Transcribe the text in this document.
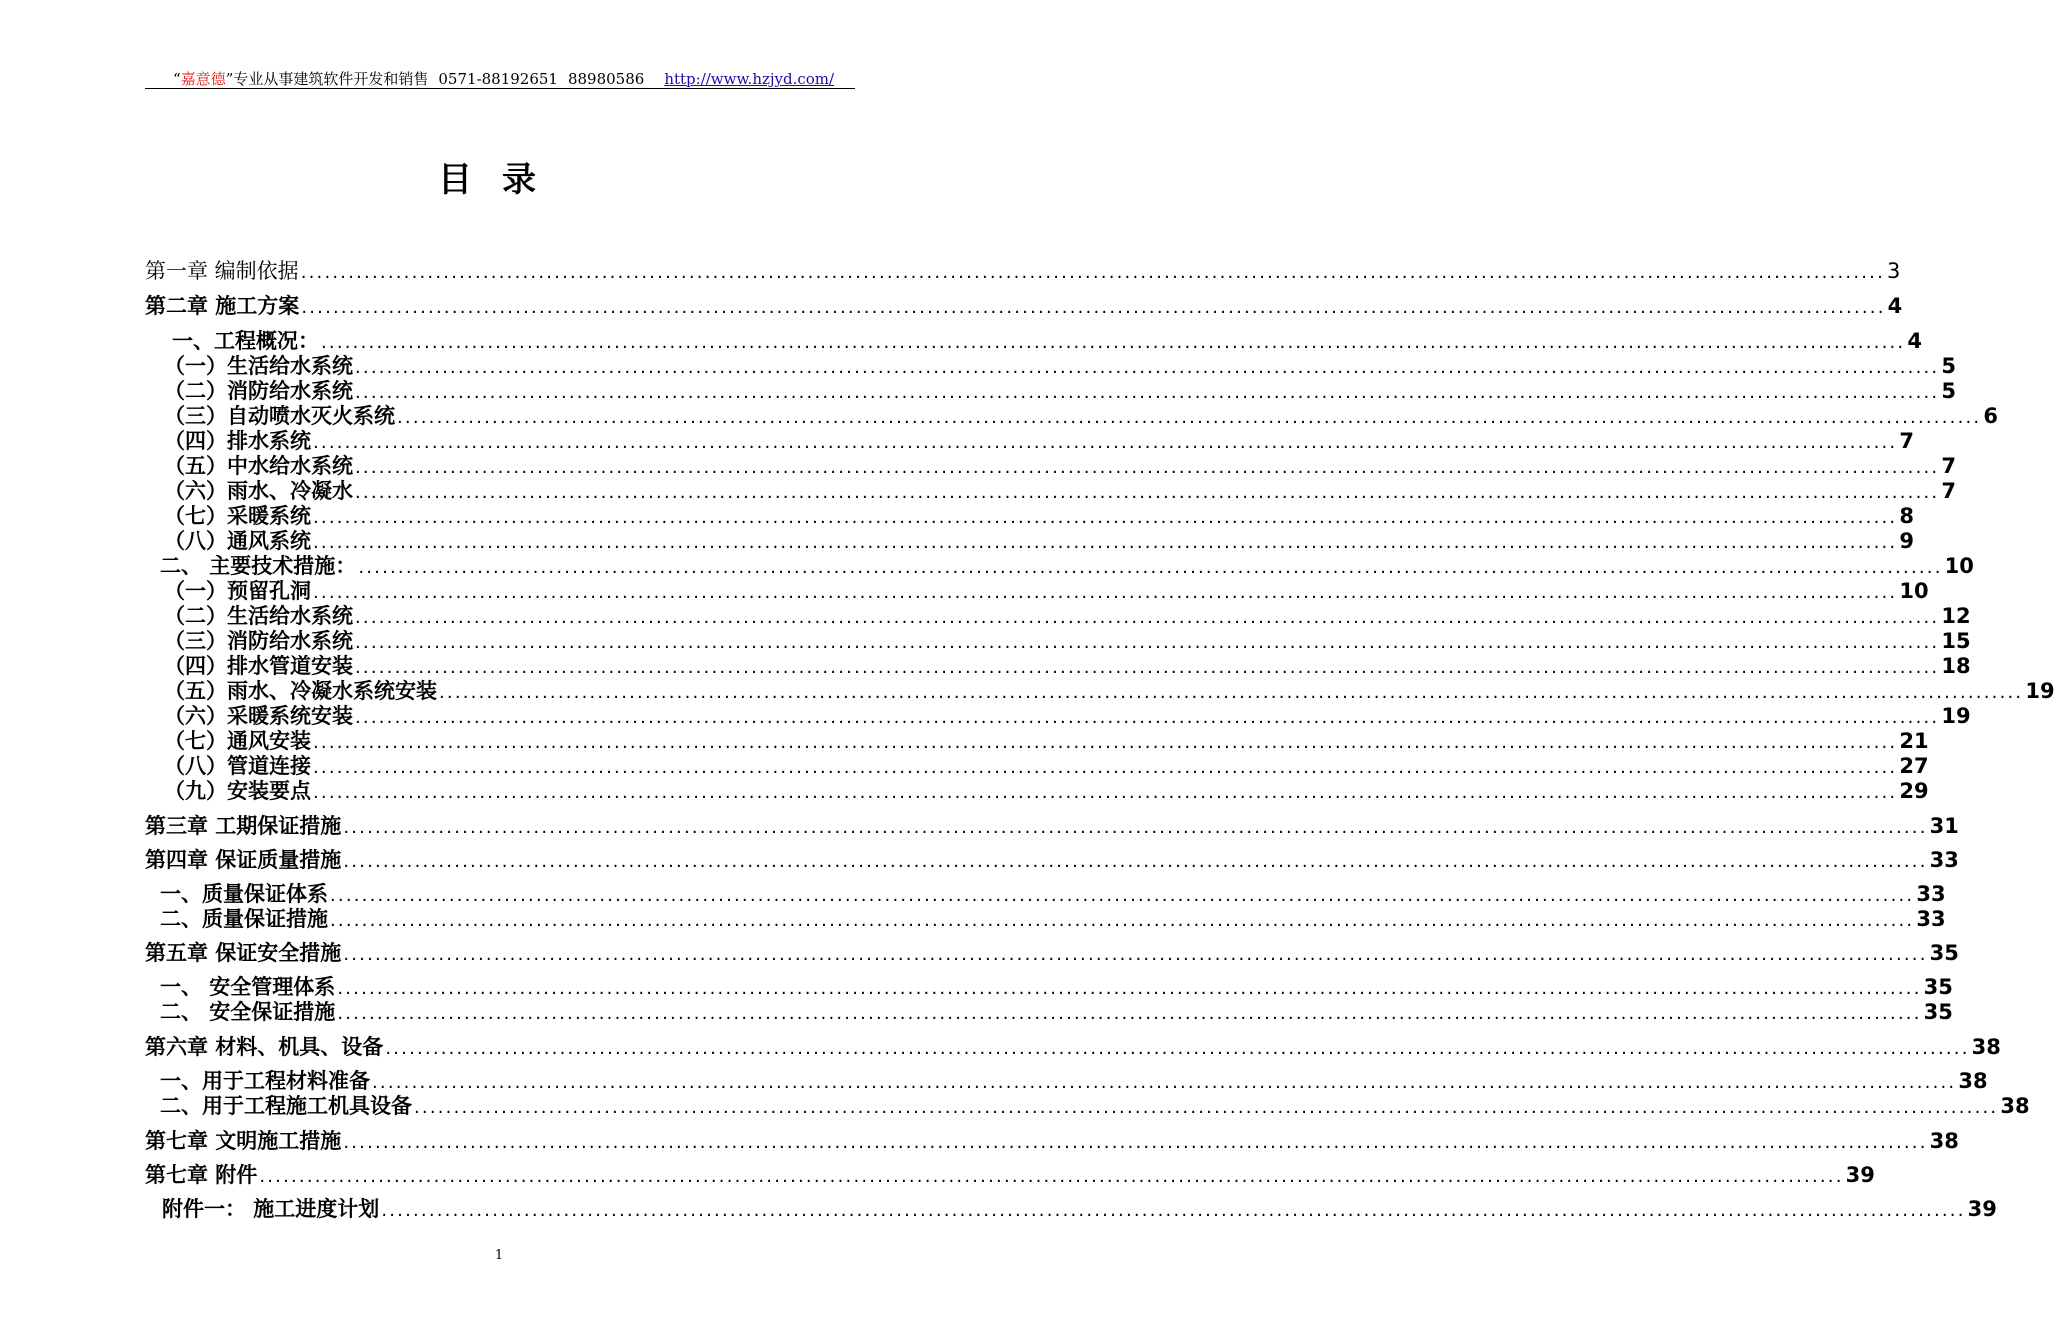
“嘉意德”专业从事建筑软件开发和销售 0571-88192651 88980586 http://www.hzjyd.com/
目录
第一章 编制依据 ........................................................................................................................................................................................................ 3
第二章 施工方案 ........................................................................................................................................................................................................ 4
一、工程概况： ........................................................................................................................................................................................................ 4
（一）生活给水系统 ........................................................................................................................................................................................................ 5
（二）消防给水系统 ........................................................................................................................................................................................................ 5
（三）自动喷水灭火系统 ........................................................................................................................................................................................................ 6
（四）排水系统 ........................................................................................................................................................................................................ 7
（五）中水给水系统 ........................................................................................................................................................................................................ 7
（六）雨水、冷凝水 ........................................................................................................................................................................................................ 7
（七）采暖系统 ........................................................................................................................................................................................................ 8
（八）通风系统 ........................................................................................................................................................................................................ 9
二、 主要技术措施： ........................................................................................................................................................................................................ 10
（一）预留孔洞 ........................................................................................................................................................................................................ 10
（二）生活给水系统 ........................................................................................................................................................................................................ 12
（三）消防给水系统 ........................................................................................................................................................................................................ 15
（四）排水管道安装 ........................................................................................................................................................................................................ 18
（五）雨水、冷凝水系统安装 ........................................................................................................................................................................................................ 19
（六）采暖系统安装 ........................................................................................................................................................................................................ 19
（七）通风安装 ........................................................................................................................................................................................................ 21
（八）管道连接 ........................................................................................................................................................................................................ 27
（九）安装要点 ........................................................................................................................................................................................................ 29
第三章 工期保证措施 ........................................................................................................................................................................................................ 31
第四章 保证质量措施 ........................................................................................................................................................................................................ 33
一、质量保证体系 ........................................................................................................................................................................................................ 33
二、质量保证措施 ........................................................................................................................................................................................................ 33
第五章 保证安全措施 ........................................................................................................................................................................................................ 35
一、 安全管理体系 ........................................................................................................................................................................................................ 35
二、 安全保证措施 ........................................................................................................................................................................................................ 35
第六章 材料、机具、设备 ........................................................................................................................................................................................................ 38
一、用于工程材料准备 ........................................................................................................................................................................................................ 38
二、用于工程施工机具设备 ........................................................................................................................................................................................................ 38
第七章 文明施工措施 ........................................................................................................................................................................................................ 38
第七章 附件 ........................................................................................................................................................................................................ 39
附件一： 施工进度计划 ........................................................................................................................................................................................................ 39
1
